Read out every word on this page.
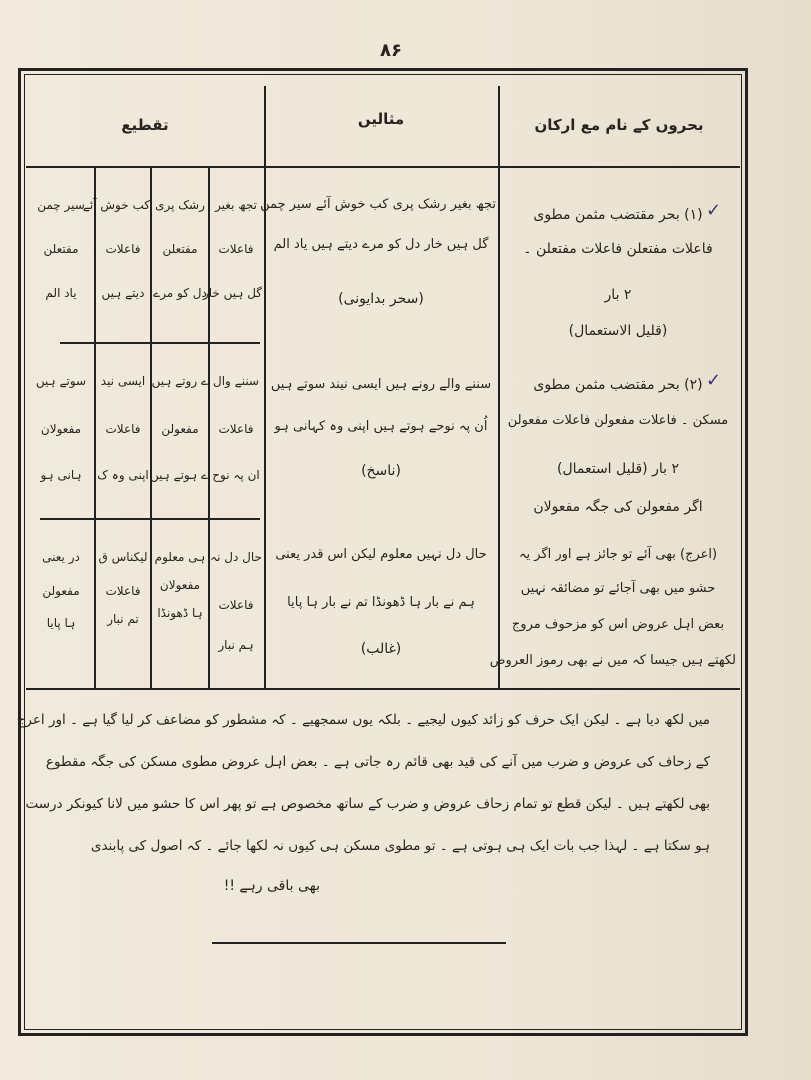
۸۶
بحروں کے نام مع ارکان
مثالیں
تقطیع
✓
(۱) بحر مقتضب مثمن مطوی
فاعلات مفتعلن فاعلات مفتعلن ۔
۲ بار
(قلیل الاستعمال)
تجھ بغیر رشک پری کب خوش آئے سیر چمن
گل ہیں خار دل کو مرے دیتے ہیں یاد الم
(سحر بدایونی)
تجھ بغیر
فاعلات
گل ہیں خار
رشک پری
مفتعلن
دل کو مرے
کب خوش آئے
فاعلات
دیتے ہیں
سیر چمن
مفتعلن
یاد الم
✓
(۲) بحر مقتضب مثمن مطوی
مسکن ۔ فاعلات مفعولن فاعلات مفعولن
۲ بار (قلیل استعمال)
اگر مفعولن کی جگہ مفعولان
سننے والے رونے ہیں ایسی نیند سوتے ہیں
اُن پہ نوحے ہوتے ہیں اپنی وہ کہانی ہو
(ناسخ)
سننے وال
فاعلات
ان پہ نوح
ے روتے ہیں
مفعولن
ے ہوتے ہیں
ایسی نید
فاعلات
اپنی وہ ک
سوتے ہیں
مفعولان
ہانی ہو
(اعرج) بھی آئے تو جائز ہے اور اگر یہ
حشو میں بھی آجائے تو مضائقہ نہیں
بعض اہل عروض اس کو مزحوف مروج
لکھتے ہیں جیسا کہ میں نے بھی رموز العروض
حال دل نہیں معلوم لیکن اس قدر یعنی
ہم نے بار ہا ڈھونڈا تم نے بار ہا پایا
(غالب)
حال دل نہ
فاعلات
ہم نبار
ہی معلوم
مفعولان
ہا ڈھونڈا
لیکناس ق
فاعلات
تم نبار
در یعنی
مفعولن
ہا پایا

میں لکھ دیا ہے ۔ لیکن ایک حرف کو زائد کیوں لیجیے ۔ بلکہ یوں سمجھیے ۔ کہ مشطور کو مضاعف کر لیا گیا ہے ۔ اور اعرج

کے زحاف کی عروض و ضرب میں آنے کی قید بھی قائم رہ جاتی ہے ۔ بعض اہل عروض مطوی مسکن کی جگہ مقطوع

بھی لکھتے ہیں ۔ لیکن قطع تو تمام زحاف عروض و ضرب کے ساتھ مخصوص ہے تو پھر اس کا حشو میں لانا کیونکر درست

ہو سکتا ہے ۔ لہذا جب بات ایک ہی ہوتی ہے ۔ تو مطوی مسکن ہی کیوں نہ لکھا جائے ۔ کہ اصول کی پابندی

بھی باقی رہے !!
